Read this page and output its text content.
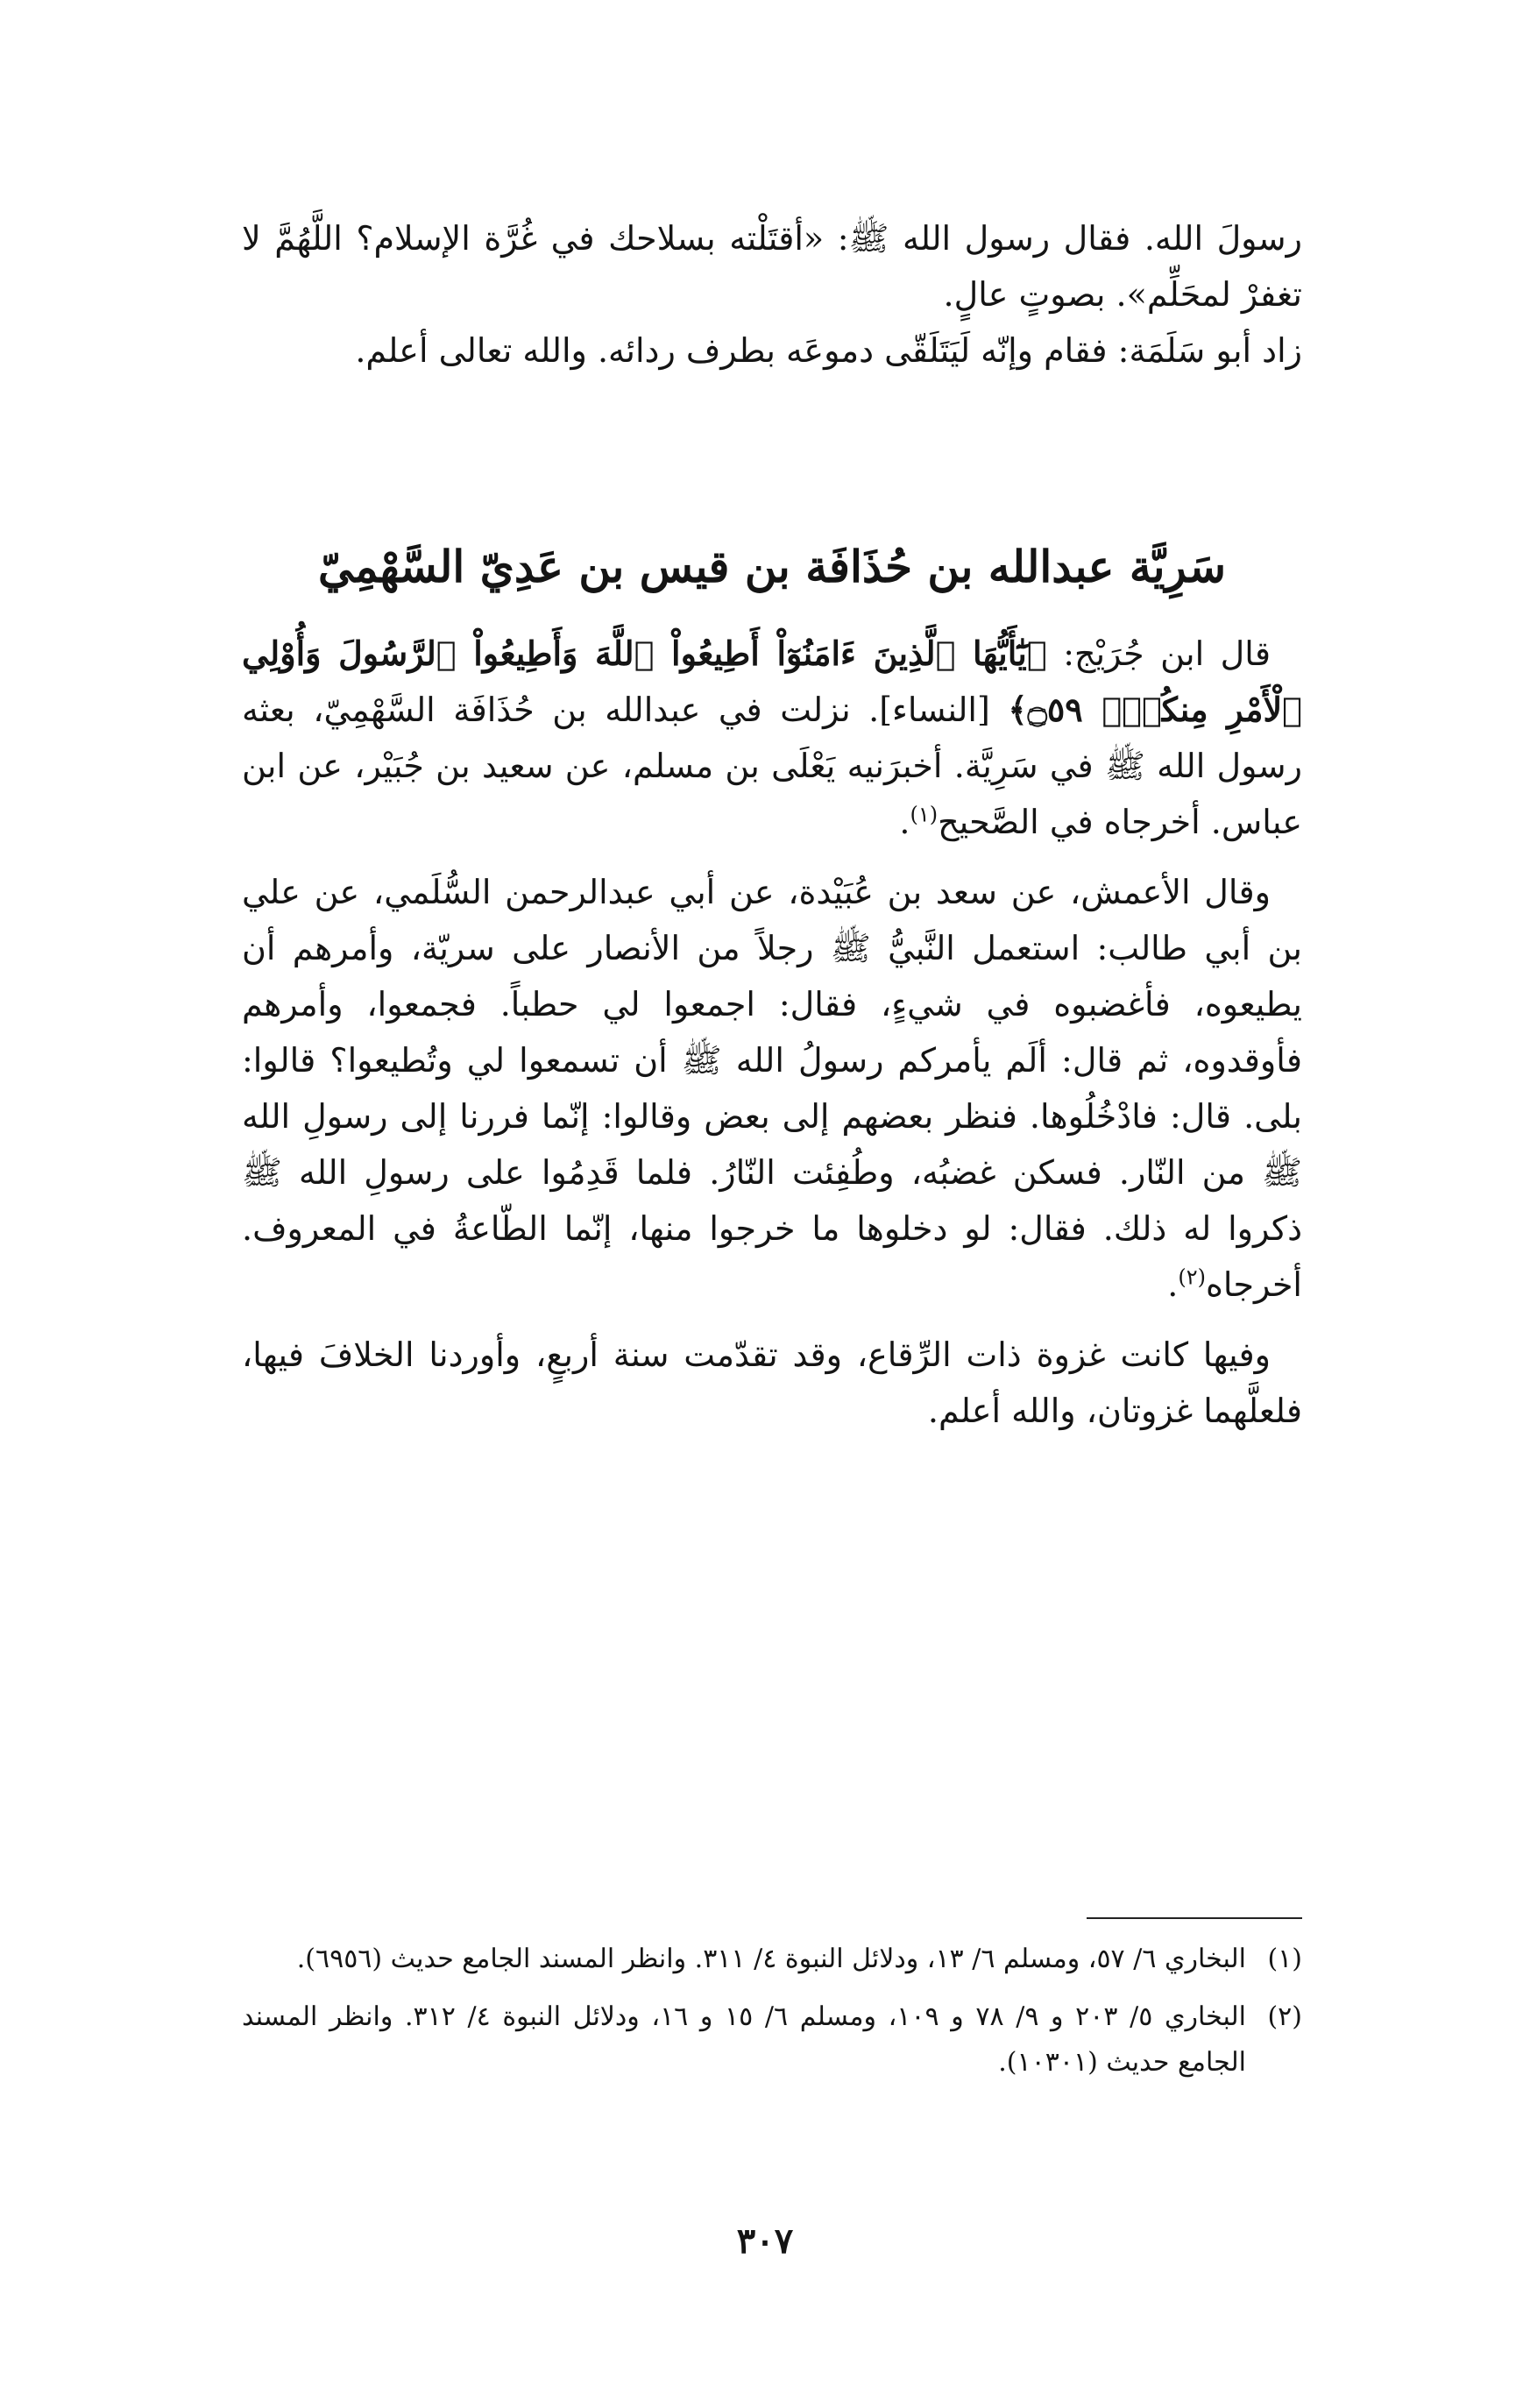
رسولَ الله. فقال رسول الله ﷺ: «أقتَلْته بسلاحك في غُرَّة الإسلام؟ اللَّهُمَّ لا تغفرْ لمحَلِّم». بصوتٍ عالٍ.

زاد أبو سَلَمَة: فقام وإنّه لَيَتَلَقّى دموعَه بطرف ردائه. والله تعالى أعلم.

سَرِيَّة عبدالله بن حُذَافَة بن قيس بن عَدِيّ السَّهْمِيّ

قال ابن جُرَيْج: ﴿يَٰٓأَيُّهَا ٱلَّذِينَ ءَامَنُوٓاْ أَطِيعُواْ ٱللَّهَ وَأَطِيعُواْ ٱلرَّسُولَ وَأُوْلِي ٱلْأَمْرِ مِنكُمْۖ ۝٥٩﴾ [النساء]. نزلت في عبدالله بن حُذَافَة السَّهْمِيّ، بعثه رسول الله ﷺ في سَرِيَّة. أخبرَنيه يَعْلَى بن مسلم، عن سعيد بن جُبَيْر، عن ابن عباس. أخرجاه في الصَّحيح$^{(١)}$.

وقال الأعمش، عن سعد بن عُبَيْدة، عن أبي عبدالرحمن السُّلَمي، عن علي بن أبي طالب: استعمل النَّبيُّ ﷺ رجلاً من الأنصار على سريّة، وأمرهم أن يطيعوه، فأغضبوه في شيءٍ، فقال: اجمعوا لي حطباً. فجمعوا، وأمرهم فأوقدوه، ثم قال: ألَم يأمركم رسولُ الله ﷺ أن تسمعوا لي وتُطيعوا؟ قالوا: بلى. قال: فادْخُلُوها. فنظر بعضهم إلى بعض وقالوا: إنّما فررنا إلى رسولِ الله ﷺ من النّار. فسكن غضبُه، وطُفِئت النّارُ. فلما قَدِمُوا على رسولِ الله ﷺ ذكروا له ذلك. فقال: لو دخلوها ما خرجوا منها، إنّما الطّاعةُ في المعروف. أخرجاه$^{(٢)}$.

وفيها كانت غزوة ذات الرِّقاع، وقد تقدّمت سنة أربعٍ، وأوردنا الخلافَ فيها، فلعلَّهما غزوتان، والله أعلم.

(١)
البخاري ٦/ ٥٧، ومسلم ٦/ ١٣، ودلائل النبوة ٤/ ٣١١. وانظر المسند الجامع حديث (٦٩٥٦).

(٢)
البخاري ٥/ ٢٠٣ و ٩/ ٧٨ و ١٠٩، ومسلم ٦/ ١٥ و ١٦، ودلائل النبوة ٤/ ٣١٢. وانظر المسند الجامع حديث (١٠٣٠١).

٣٠٧
